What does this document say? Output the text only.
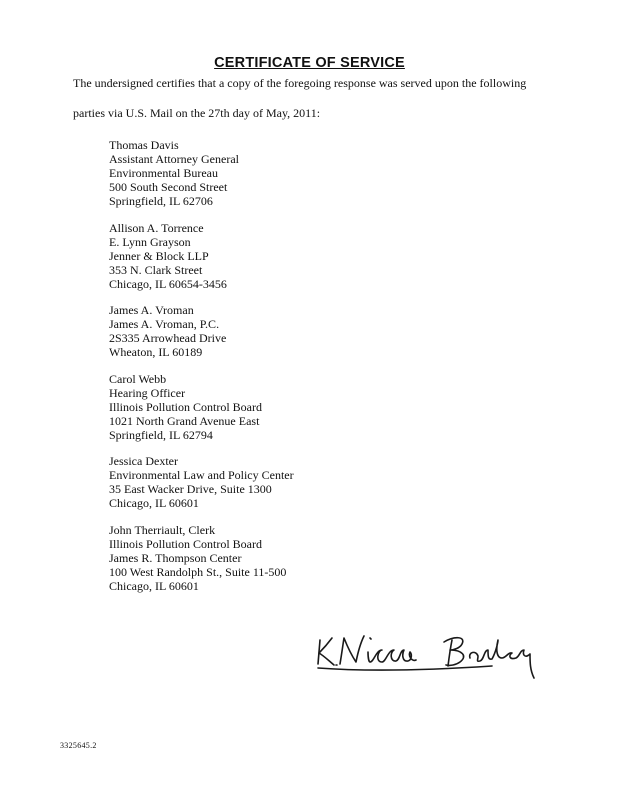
CERTIFICATE OF SERVICE
The undersigned certifies that a copy of the foregoing response was served upon the following
parties via U.S. Mail on the 27th day of May, 2011:
Thomas Davis
Assistant Attorney General
Environmental Bureau
500 South Second Street
Springfield, IL 62706
Allison A. Torrence
E. Lynn Grayson
Jenner & Block LLP
353 N. Clark Street
Chicago, IL 60654-3456
James A. Vroman
James A. Vroman, P.C.
2S335 Arrowhead Drive
Wheaton, IL 60189
Carol Webb
Hearing Officer
Illinois Pollution Control Board
1021 North Grand Avenue East
Springfield, IL 62794
Jessica Dexter
Environmental Law and Policy Center
35 East Wacker Drive, Suite 1300
Chicago, IL 60601
John Therriault, Clerk
Illinois Pollution Control Board
James R. Thompson Center
100 West Randolph St., Suite 11-500
Chicago, IL 60601
3325645.2
